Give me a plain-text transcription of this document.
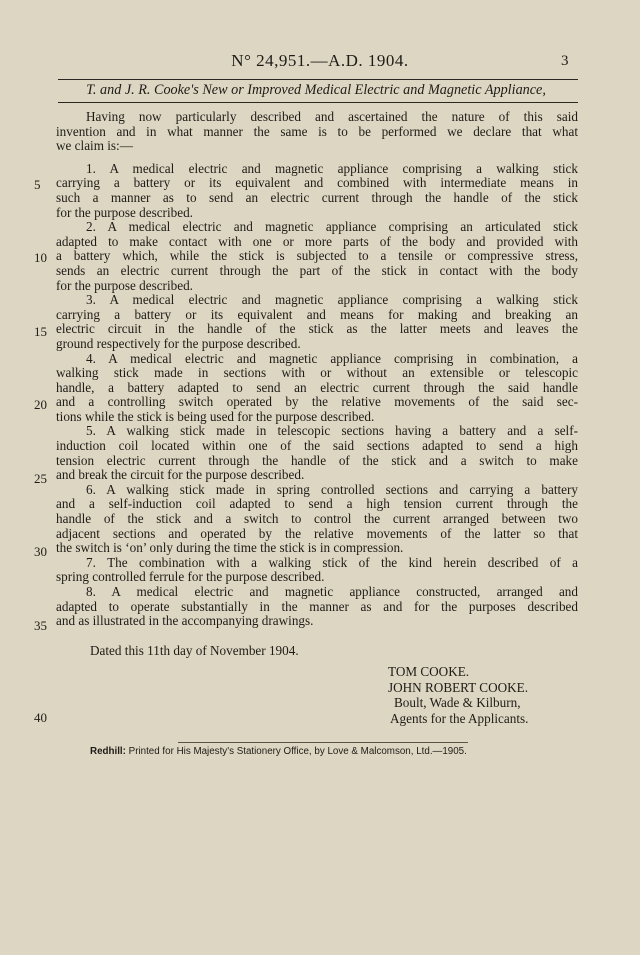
N° 24,951.—A.D. 1904.	3
T. and J. R. Cooke's New or Improved Medical Electric and Magnetic Appliance,
Having now particularly described and ascertained the nature of this said
invention and in what manner the same is to be performed we declare that what
we claim is:—
1. A medical electric and magnetic appliance comprising a walking stick
carrying a battery or its equivalent and combined with intermediate means in
such a manner as to send an electric current through the handle of the stick
for the purpose described.
2. A medical electric and magnetic appliance comprising an articulated stick
adapted to make contact with one or more parts of the body and provided with
a battery which, while the stick is subjected to a tensile or compressive stress,
sends an electric current through the part of the stick in contact with the body
for the purpose described.
3. A medical electric and magnetic appliance comprising a walking stick
carrying a battery or its equivalent and means for making and breaking an
electric circuit in the handle of the stick as the latter meets and leaves the
ground respectively for the purpose described.
4. A medical electric and magnetic appliance comprising in combination, a
walking stick made in sections with or without an extensible or telescopic
handle, a battery adapted to send an electric current through the said handle
and a controlling switch operated by the relative movements of the said sec-
tions while the stick is being used for the purpose described.
5. A walking stick made in telescopic sections having a battery and a self-
induction coil located within one of the said sections adapted to send a high
tension electric current through the handle of the stick and a switch to make
and break the circuit for the purpose described.
6. A walking stick made in spring controlled sections and carrying a battery
and a self-induction coil adapted to send a high tension current through the
handle of the stick and a switch to control the current arranged between two
adjacent sections and operated by the relative movements of the latter so that
the switch is ‘on’ only during the time the stick is in compression.
7. The combination with a walking stick of the kind herein described of a
spring controlled ferrule for the purpose described.
8. A medical electric and magnetic appliance constructed, arranged and
adapted to operate substantially in the manner as and for the purposes described
and as illustrated in the accompanying drawings.
5
10
15
20
25
30
35
40
Dated this 11th day of November 1904.
TOM COOKE.
JOHN ROBERT COOKE.
Boult, Wade & Kilburn,
Agents for the Applicants.
Redhill: Printed for His Majesty's Stationery Office, by Love & Malcomson, Ltd.—1905.
